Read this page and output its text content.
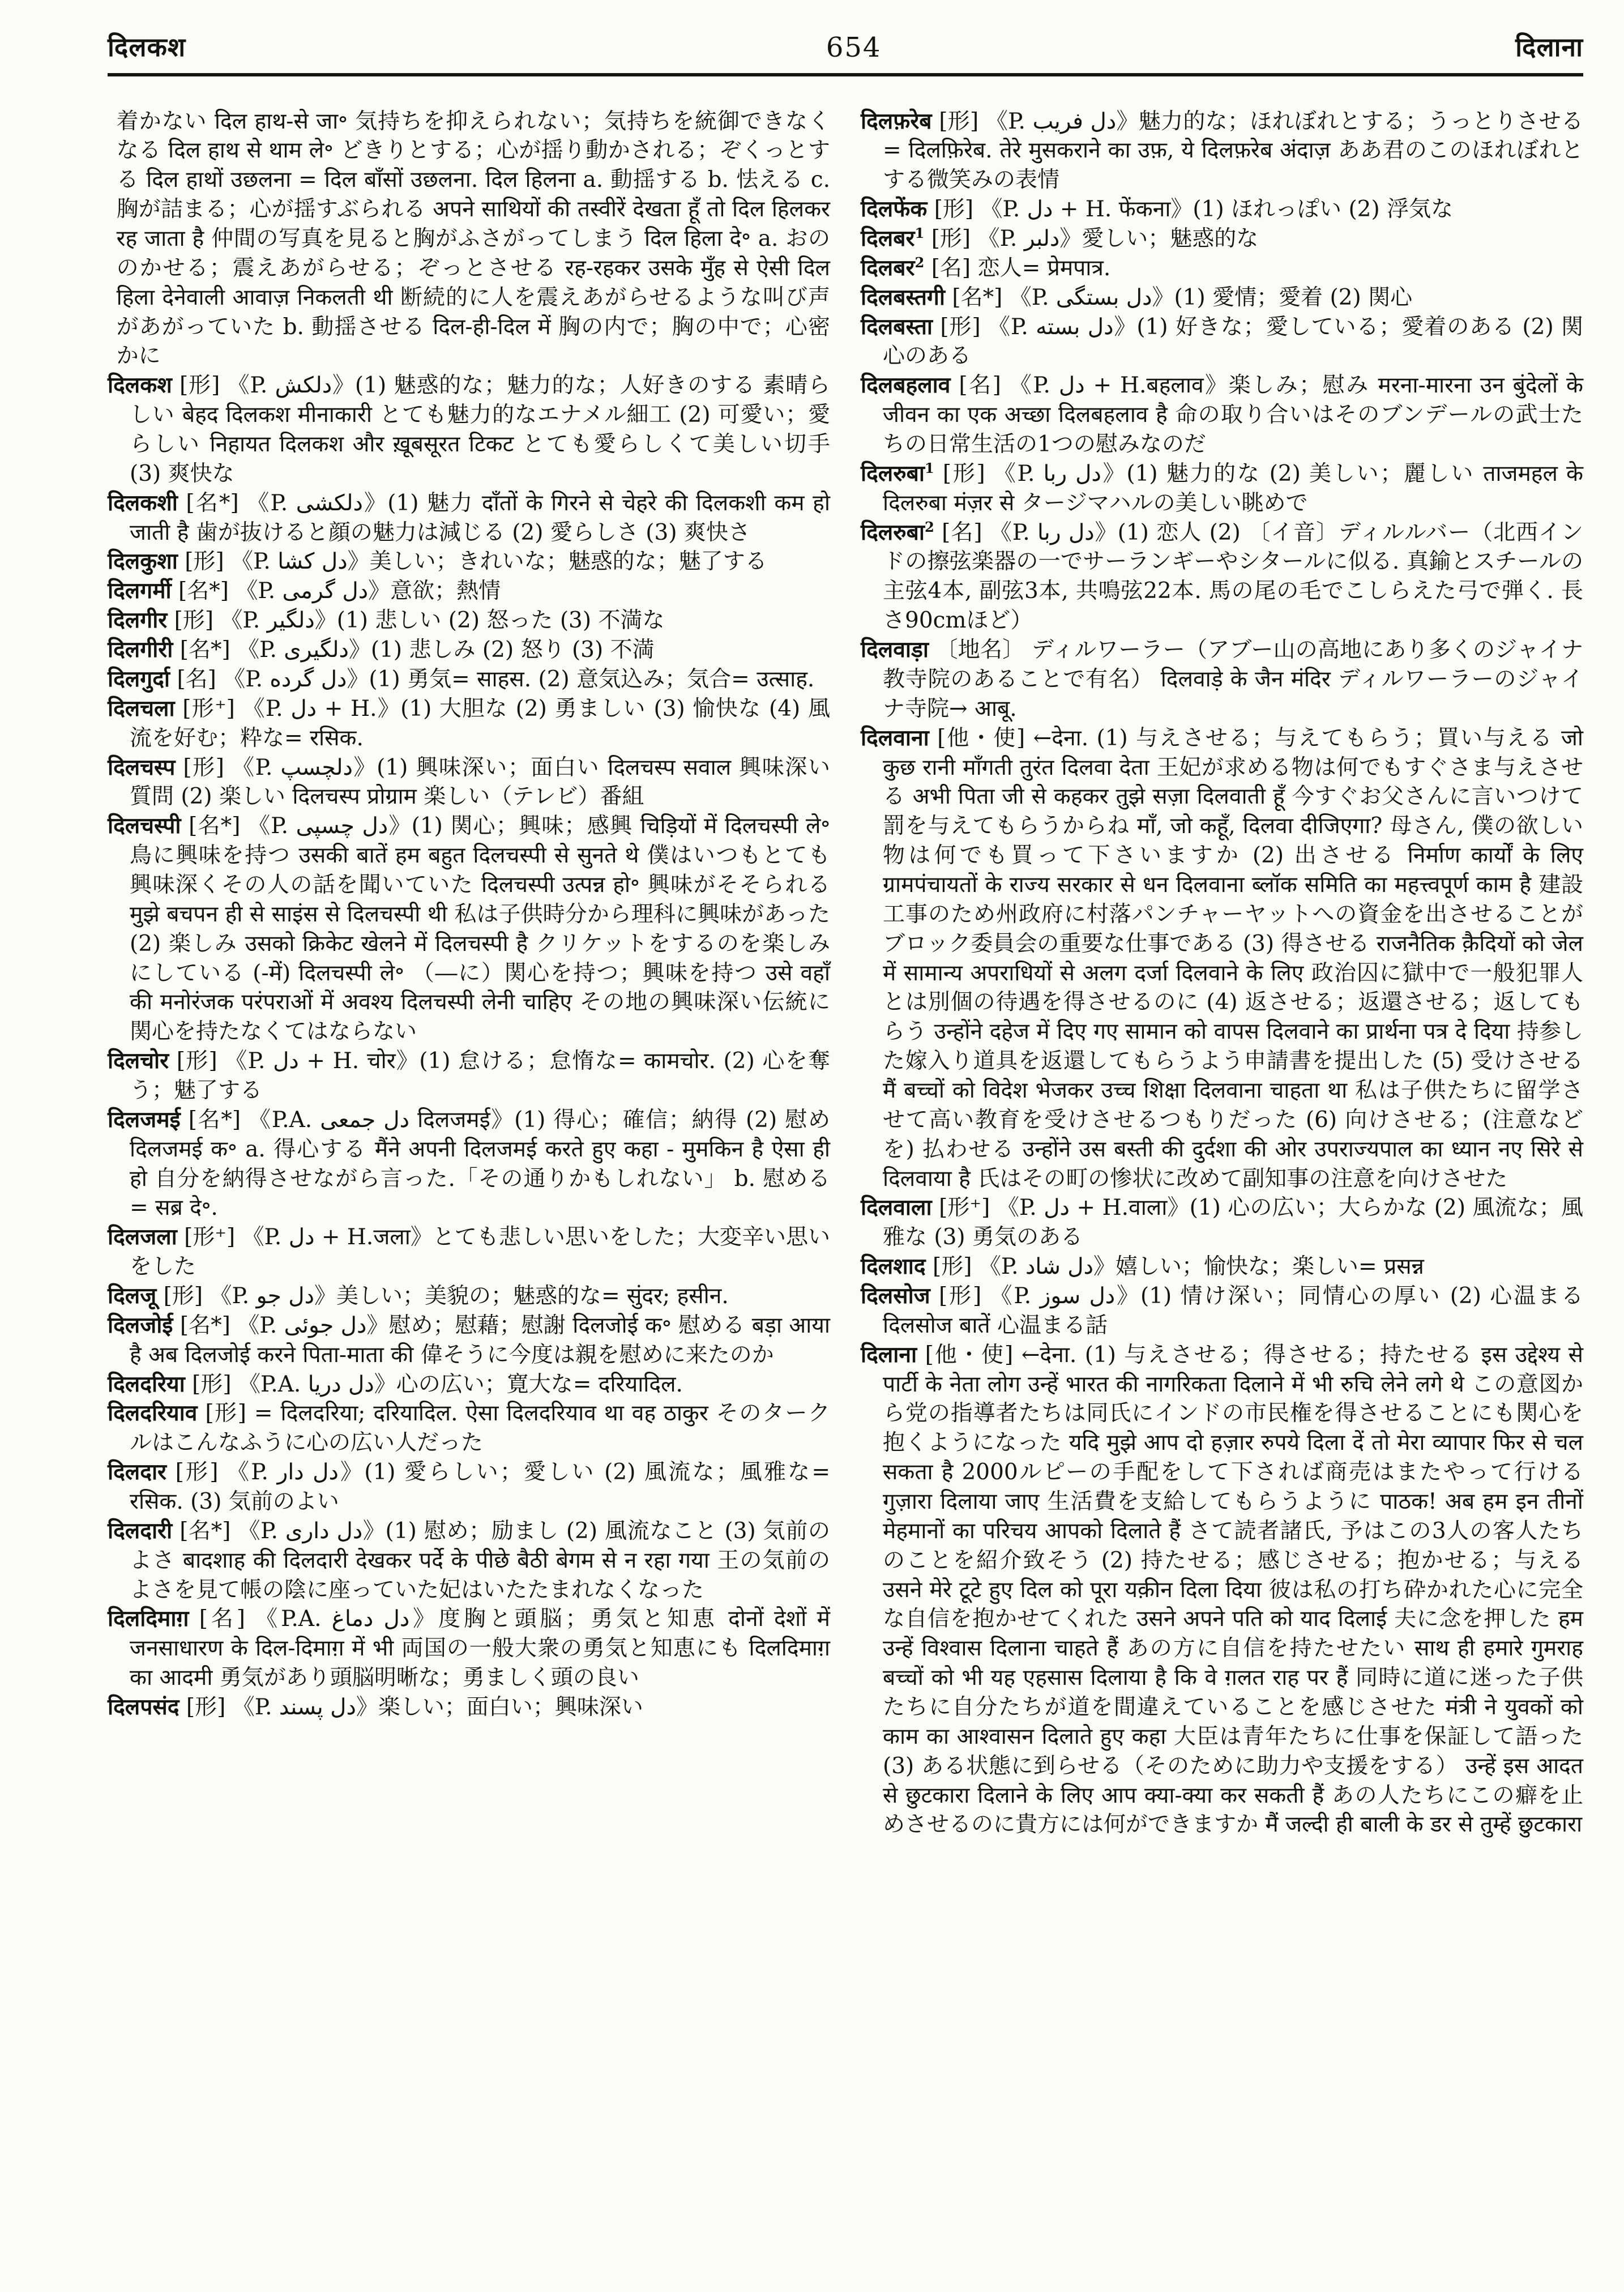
दिलकश	654	दिलाना

着かない दिल हाथ-से जा॰ 気持ちを抑えられない；気持ちを統御できなくなる दिल हाथ से थाम ले॰ どきりとする；心が揺り動かされる；ぞくっとする दिल हाथों उछलना = दिल बाँसों उछलना. दिल हिलना a. 動揺する b. 怯える c. 胸が詰まる；心が揺すぶられる अपने साथियों की तस्वीरें देखता हूँ तो दिल हिलकर रह जाता है 仲間の写真を見ると胸がふさがってしまう दिल हिला दे॰ a. おののかせる；震えあがらせる；ぞっとさせる रह-रहकर उसके मुँह से ऐसी दिल हिला देनेवाली आवाज़ निकलती थी 断続的に人を震えあがらせるような叫び声があがっていた b. 動揺させる दिल-ही-दिल में 胸の内で；胸の中で；心密かに

दिलकश [形] 《P. دلکش》(1) 魅惑的な；魅力的な；人好きのする 素晴らしい बेहद दिलकश मीनाकारी とても魅力的なエナメル細工 (2) 可愛い；愛らしい निहायत दिलकश और ख़ूबसूरत टिकट とても愛らしくて美しい切手 (3) 爽快な

दिलकशी [名*] 《P. دلکشی》(1) 魅力 दाँतों के गिरने से चेहरे की दिलकशी कम हो जाती है 歯が抜けると顔の魅力は減じる (2) 愛らしさ (3) 爽快さ

दिलकुशा [形] 《P. دل کشا》美しい；きれいな；魅惑的な；魅了する

दिलगर्मी [名*] 《P. دل گرمی》意欲；熱情

दिलगीर [形] 《P. دلگیر》(1) 悲しい (2) 怒った (3) 不満な

दिलगीरी [名*] 《P. دلگیری》(1) 悲しみ (2) 怒り (3) 不満

दिलगुर्दा [名] 《P. دل گرده》(1) 勇気= साहस. (2) 意気込み；気合= उत्साह.

दिलचला [形⁺] 《P. دل + H.》(1) 大胆な (2) 勇ましい (3) 愉快な (4) 風流を好む；粋な= रसिक.

दिलचस्प [形] 《P. دلچسپ》(1) 興味深い；面白い दिलचस्प सवाल 興味深い質問 (2) 楽しい दिलचस्प प्रोग्राम 楽しい（テレビ）番組

दिलचस्पी [名*] 《P. دل چسپی》(1) 関心；興味；感興 चिड़ियों में दिलचस्पी ले॰ 鳥に興味を持つ उसकी बातें हम बहुत दिलचस्पी से सुनते थे 僕はいつもとても興味深くその人の話を聞いていた दिलचस्पी उत्पन्न हो॰ 興味がそそられる मुझे बचपन ही से साइंस से दिलचस्पी थी 私は子供時分から理科に興味があった (2) 楽しみ उसको क्रिकेट खेलने में दिलचस्पी है クリケットをするのを楽しみにしている (-में) दिलचस्पी ले॰ （―に）関心を持つ；興味を持つ उसे वहाँ की मनोरंजक परंपराओं में अवश्य दिलचस्पी लेनी चाहिए その地の興味深い伝統に関心を持たなくてはならない

दिलचोर [形] 《P. دل + H. चोर》(1) 怠ける；怠惰な= कामचोर. (2) 心を奪う；魅了する

दिलजमई [名*] 《P.A. دل جمعی दिलजमई》(1) 得心；確信；納得 (2) 慰め दिलजमई क॰ a. 得心する मैंने अपनी दिलजमई करते हुए कहा - मुमकिन है ऐसा ही हो 自分を納得させながら言った.「その通りかもしれない」 b. 慰める= सब्र दे॰.

दिलजला [形⁺] 《P. دل + H.जला》とても悲しい思いをした；大変辛い思いをした

दिलजू [形] 《P. دل جو》美しい；美貌の；魅惑的な= सुंदर; हसीन.

दिलजोई [名*] 《P. دل جوئی》慰め；慰藉；慰謝 दिलजोई क॰ 慰める बड़ा आया है अब दिलजोई करने पिता-माता की 偉そうに今度は親を慰めに来たのか

दिलदरिया [形] 《P.A. دل دریا》心の広い；寛大な= दरियादिल.

दिलदरियाव [形] = दिलदरिया; दरियादिल. ऐसा दिलदरियाव था वह ठाकुर そのタークルはこんなふうに心の広い人だった

दिलदार [形] 《P. دل دار》(1) 愛らしい；愛しい (2) 風流な；風雅な= रसिक. (3) 気前のよい

दिलदारी [名*] 《P. دل داری》(1) 慰め；励まし (2) 風流なこと (3) 気前のよさ बादशाह की दिलदारी देखकर पर्दे के पीछे बैठी बेगम से न रहा गया 王の気前のよさを見て帳の陰に座っていた妃はいたたまれなくなった

दिलदिमाग़ [名] 《P.A. دل دماغ》度胸と頭脳；勇気と知恵 दोनों देशों में जनसाधारण के दिल-दिमाग़ में भी 両国の一般大衆の勇気と知恵にも दिलदिमाग़ का आदमी 勇気があり頭脳明晰な；勇ましく頭の良い

दिलपसंद [形] 《P. دل پسند》楽しい；面白い；興味深い

दिलफ़रेब [形] 《P. دل فریب》魅力的な；ほれぼれとする；うっとりさせる= दिलफ़िरेब. तेरे मुसकराने का उफ़, ये दिलफ़रेब अंदाज़ ああ君のこのほれぼれとする微笑みの表情

दिलफेंक [形] 《P. دل + H. फेंकना》(1) ほれっぽい (2) 浮気な

दिलबर$^1$ [形] 《P. دلبر》愛しい；魅惑的な

दिलबर$^2$ [名] 恋人= प्रेमपात्र.

दिलबस्तगी [名*] 《P. دل بستگی》(1) 愛情；愛着 (2) 関心

दिलबस्ता [形] 《P. دل بسته》(1) 好きな；愛している；愛着のある (2) 関心のある

दिलबहलाव [名] 《P. دل + H.बहलाव》楽しみ；慰み मरना-मारना उन बुंदेलों के जीवन का एक अच्छा दिलबहलाव है 命の取り合いはそのブンデールの武士たちの日常生活の1つの慰みなのだ

दिलरुबा$^1$ [形] 《P. دل ربا》(1) 魅力的な (2) 美しい；麗しい ताजमहल के दिलरुबा मंज़र से タージマハルの美しい眺めで

दिलरुबा$^2$ [名] 《P. دل ربا》(1) 恋人 (2) 〔イ音〕ディルルバー（北西インドの擦弦楽器の一でサーランギーやシタールに似る. 真鍮とスチールの主弦4本, 副弦3本, 共鳴弦22本. 馬の尾の毛でこしらえた弓で弾く. 長さ90cmほど）

दिलवाड़ा 〔地名〕 ディルワーラー（アブー山の高地にあり多くのジャイナ教寺院のあることで有名） दिलवाड़े के जैन मंदिर ディルワーラーのジャイナ寺院→ आबू.

दिलवाना [他・使] ←देना. (1) 与えさせる；与えてもらう；買い与える जो कुछ रानी माँगती तुरंत दिलवा देता 王妃が求める物は何でもすぐさま与えさせる अभी पिता जी से कहकर तुझे सज़ा दिलवाती हूँ 今すぐお父さんに言いつけて罰を与えてもらうからね माँ, जो कहूँ, दिलवा दीजिएगा? 母さん, 僕の欲しい物は何でも買って下さいますか (2) 出させる निर्माण कार्यों के लिए ग्रामपंचायतों के राज्य सरकार से धन दिलवाना ब्लॉक समिति का महत्त्वपूर्ण काम है 建設工事のため州政府に村落パンチャーヤットへの資金を出させることがブロック委員会の重要な仕事である (3) 得させる राजनैतिक क़ैदियों को जेल में सामान्य अपराधियों से अलग दर्जा दिलवाने के लिए 政治囚に獄中で一般犯罪人とは別個の待遇を得させるのに (4) 返させる；返還させる；返してもらう उन्होंने दहेज में दिए गए सामान को वापस दिलवाने का प्रार्थना पत्र दे दिया 持参した嫁入り道具を返還してもらうよう申請書を提出した (5) 受けさせる मैं बच्चों को विदेश भेजकर उच्च शिक्षा दिलवाना चाहता था 私は子供たちに留学させて高い教育を受けさせるつもりだった (6) 向けさせる；(注意などを) 払わせる उन्होंने उस बस्ती की दुर्दशा की ओर उपराज्यपाल का ध्यान नए सिरे से दिलवाया है 氏はその町の惨状に改めて副知事の注意を向けさせた

दिलवाला [形⁺] 《P. دل + H.वाला》(1) 心の広い；大らかな (2) 風流な；風雅な (3) 勇気のある

दिलशाद [形] 《P. دل شاد》嬉しい；愉快な；楽しい= प्रसन्न

दिलसोज [形] 《P. دل سوز》(1) 情け深い；同情心の厚い (2) 心温まる दिलसोज बातें 心温まる話

दिलाना [他・使] ←देना. (1) 与えさせる；得させる；持たせる इस उद्देश्य से पार्टी के नेता लोग उन्हें भारत की नागरिकता दिलाने में भी रुचि लेने लगे थे この意図から党の指導者たちは同氏にインドの市民権を得させることにも関心を抱くようになった यदि मुझे आप दो हज़ार रुपये दिला दें तो मेरा व्यापार फिर से चल सकता है 2000ルピーの手配をして下されば商売はまたやって行ける गुज़ारा दिलाया जाए 生活費を支給してもらうように पाठक! अब हम इन तीनों मेहमानों का परिचय आपको दिलाते हैं さて読者諸氏, 予はこの3人の客人たちのことを紹介致そう (2) 持たせる；感じさせる；抱かせる；与える उसने मेरे टूटे हुए दिल को पूरा यक़ीन दिला दिया 彼は私の打ち砕かれた心に完全な自信を抱かせてくれた उसने अपने पति को याद दिलाई 夫に念を押した हम उन्हें विश्वास दिलाना चाहते हैं あの方に自信を持たせたい साथ ही हमारे गुमराह बच्चों को भी यह एहसास दिलाया है कि वे ग़लत राह पर हैं 同時に道に迷った子供たちに自分たちが道を間違えていることを感じさせた मंत्री ने युवकों को काम का आश्वासन दिलाते हुए कहा 大臣は青年たちに仕事を保証して語った (3) ある状態に到らせる（そのために助力や支援をする） उन्हें इस आदत से छुटकारा दिलाने के लिए आप क्या-क्या कर सकती हैं あの人たちにこの癖を止めさせるのに貴方には何ができますか मैं जल्दी ही बाली के डर से तुम्हें छुटकारा
